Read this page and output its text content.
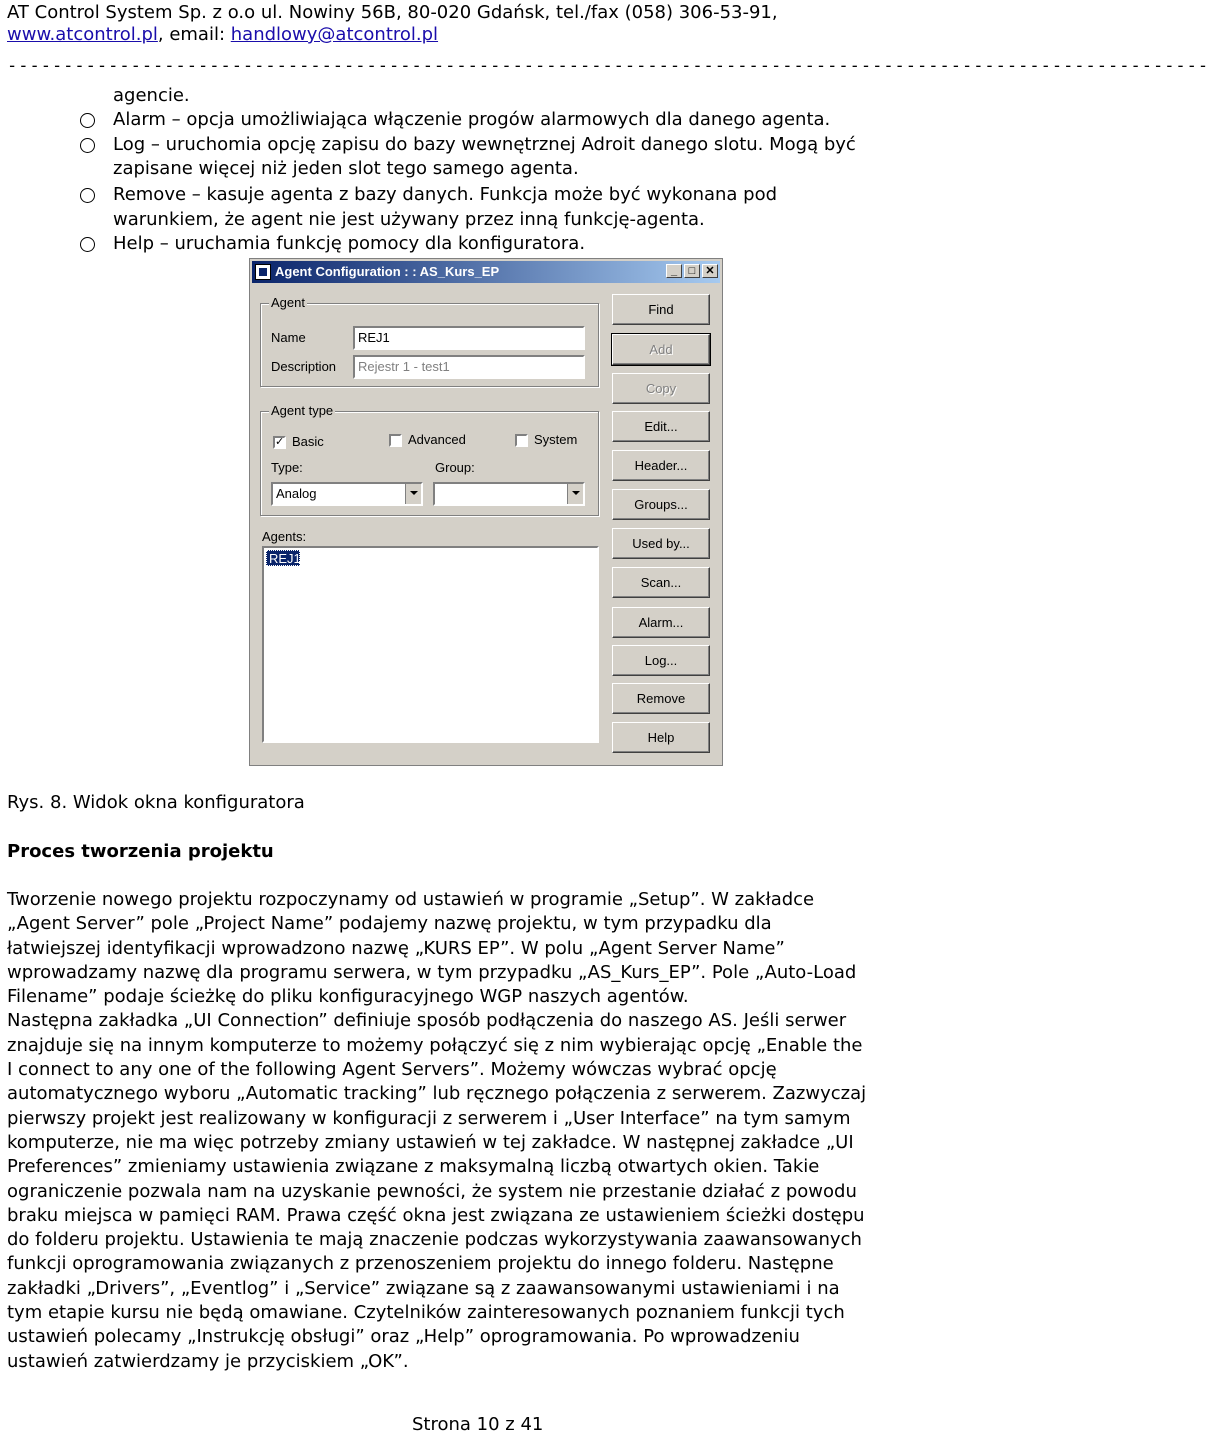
AT Control System Sp. z o.o ul. Nowiny 56B, 80-020 Gdańsk, tel./fax (058) 306-53-91,
www.atcontrol.pl, email: handlowy@atcontrol.pl
-----------------------------------------------------------------------------------------------------------
agencie.
Alarm – opcja umożliwiająca włączenie progów alarmowych dla danego agenta.
Log – uruchomia opcję zapisu do bazy wewnętrznej Adroit danego slotu. Mogą być
zapisane więcej niż jeden slot tego samego agenta.
Remove – kasuje agenta z bazy danych. Funkcja może być wykonana pod
warunkiem, że agent nie jest używany przez inną funkcję-agenta.
Help – uruchamia funkcję pomocy dla konfiguratora.
Agent Configuration : : AS_Kurs_EP	_	□ ✕
Agent
Name	REJ1
Description	Rejestr 1 - test1
Agent type
✓ Basic	Advanced	System
Type:
Analog
Group:
Agents:
REJ1
Find
Add
Copy
Edit...
Header...
Groups...
Used by...
Scan...
Alarm...
Log...
Remove
Help
Rys. 8. Widok okna konfiguratora
Proces tworzenia projektu
Tworzenie nowego projektu rozpoczynamy od ustawień w programie „Setup”. W zakładce
„Agent Server” pole „Project Name” podajemy nazwę projektu, w tym przypadku dla
łatwiejszej identyfikacji wprowadzono nazwę „KURS EP”. W polu „Agent Server Name”
wprowadzamy nazwę dla programu serwera, w tym przypadku „AS_Kurs_EP”. Pole „Auto-Load
Filename” podaje ścieżkę do pliku konfiguracyjnego WGP naszych agentów.
Następna zakładka „UI Connection” definiuje sposób podłączenia do naszego AS. Jeśli serwer
znajduje się na innym komputerze to możemy połączyć się z nim wybierając opcję „Enable the
I connect to any one of the following Agent Servers”. Możemy wówczas wybrać opcję
automatycznego wyboru „Automatic tracking” lub ręcznego połączenia z serwerem. Zazwyczaj
pierwszy projekt jest realizowany w konfiguracji z serwerem i „User Interface” na tym samym
komputerze, nie ma więc potrzeby zmiany ustawień w tej zakładce. W następnej zakładce „UI
Preferences” zmieniamy ustawienia związane z maksymalną liczbą otwartych okien. Takie
ograniczenie pozwala nam na uzyskanie pewności, że system nie przestanie działać z powodu
braku miejsca w pamięci RAM. Prawa część okna jest związana ze ustawieniem ścieżki dostępu
do folderu projektu. Ustawienia te mają znaczenie podczas wykorzystywania zaawansowanych
funkcji oprogramowania związanych z przenoszeniem projektu do innego folderu. Następne
zakładki „Drivers”, „Eventlog” i „Service” związane są z zaawansowanymi ustawieniami i na
tym etapie kursu nie będą omawiane. Czytelników zainteresowanych poznaniem funkcji tych
ustawień polecamy „Instrukcję obsługi” oraz „Help” oprogramowania. Po wprowadzeniu
ustawień zatwierdzamy je przyciskiem „OK”.
Strona 10 z 41
